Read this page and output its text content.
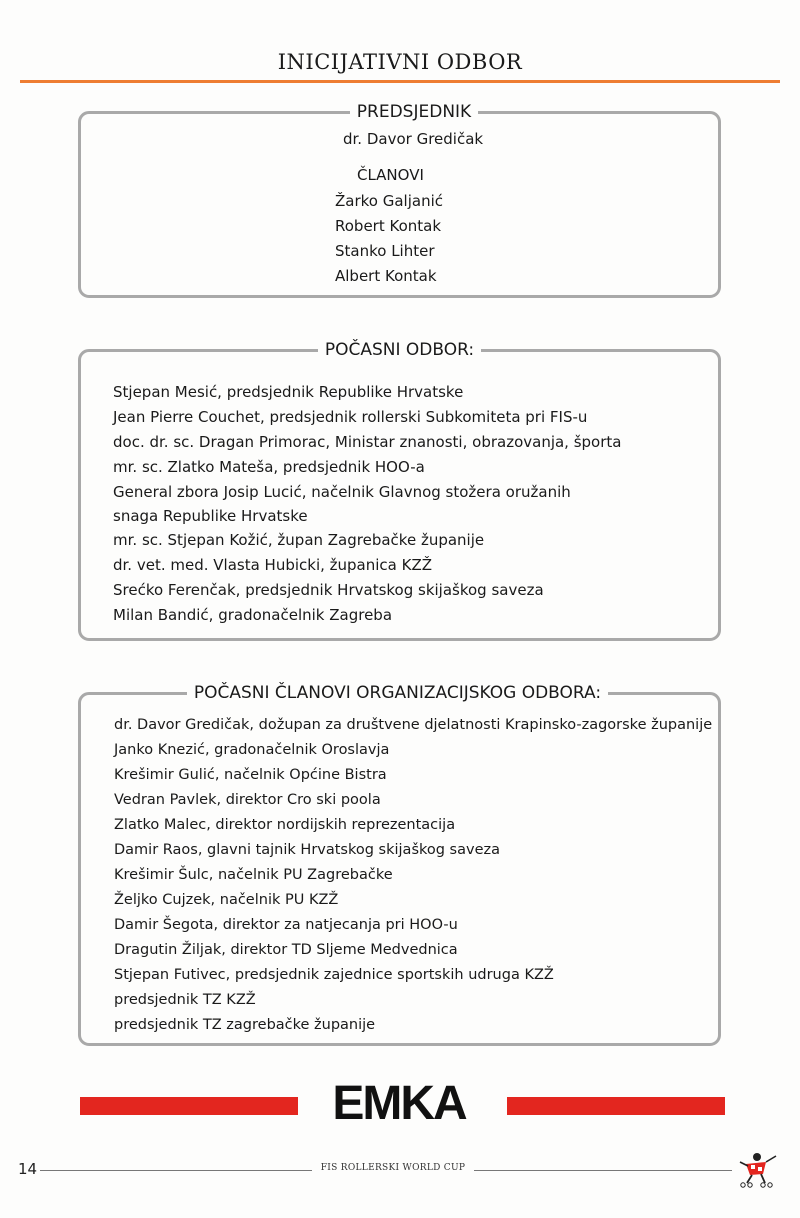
INICIJATIVNI ODBOR
PREDSJEDNIK
dr. Davor Gredičak
ČLANOVI
Žarko Galjanić
Robert Kontak
Stanko Lihter
Albert Kontak
POČASNI ODBOR:
Stjepan Mesić, predsjednik Republike Hrvatske
Jean Pierre Couchet, predsjednik rollerski Subkomiteta pri FIS-u
doc. dr. sc. Dragan Primorac, Ministar znanosti, obrazovanja, športa
mr. sc. Zlatko Mateša, predsjednik HOO-a
General zbora Josip Lucić, načelnik Glavnog stožera oružanih
snaga Republike Hrvatske
mr. sc. Stjepan Kožić, župan Zagrebačke županije
dr. vet. med. Vlasta Hubicki, županica KZŽ
Srećko Ferenčak, predsjednik Hrvatskog skijaškog saveza
Milan Bandić, gradonačelnik Zagreba
POČASNI ČLANOVI ORGANIZACIJSKOG ODBORA:
dr. Davor Gredičak, dožupan za društvene djelatnosti Krapinsko-zagorske županije
Janko Knezić, gradonačelnik Oroslavja
Krešimir Gulić, načelnik Općine Bistra
Vedran Pavlek, direktor Cro ski poola
Zlatko Malec, direktor nordijskih reprezentacija
Damir Raos, glavni tajnik Hrvatskog skijaškog saveza
Krešimir Šulc, načelnik PU Zagrebačke
Željko Cujzek, načelnik PU KZŽ
Damir Šegota, direktor za natjecanja pri HOO-u
Dragutin Žiljak, direktor TD Sljeme Medvednica
Stjepan Futivec, predsjednik zajednice sportskih udruga KZŽ
predsjednik TZ KZŽ
predsjednik TZ zagrebačke županije
EMKA
14	FIS ROLLERSKI WORLD CUP
